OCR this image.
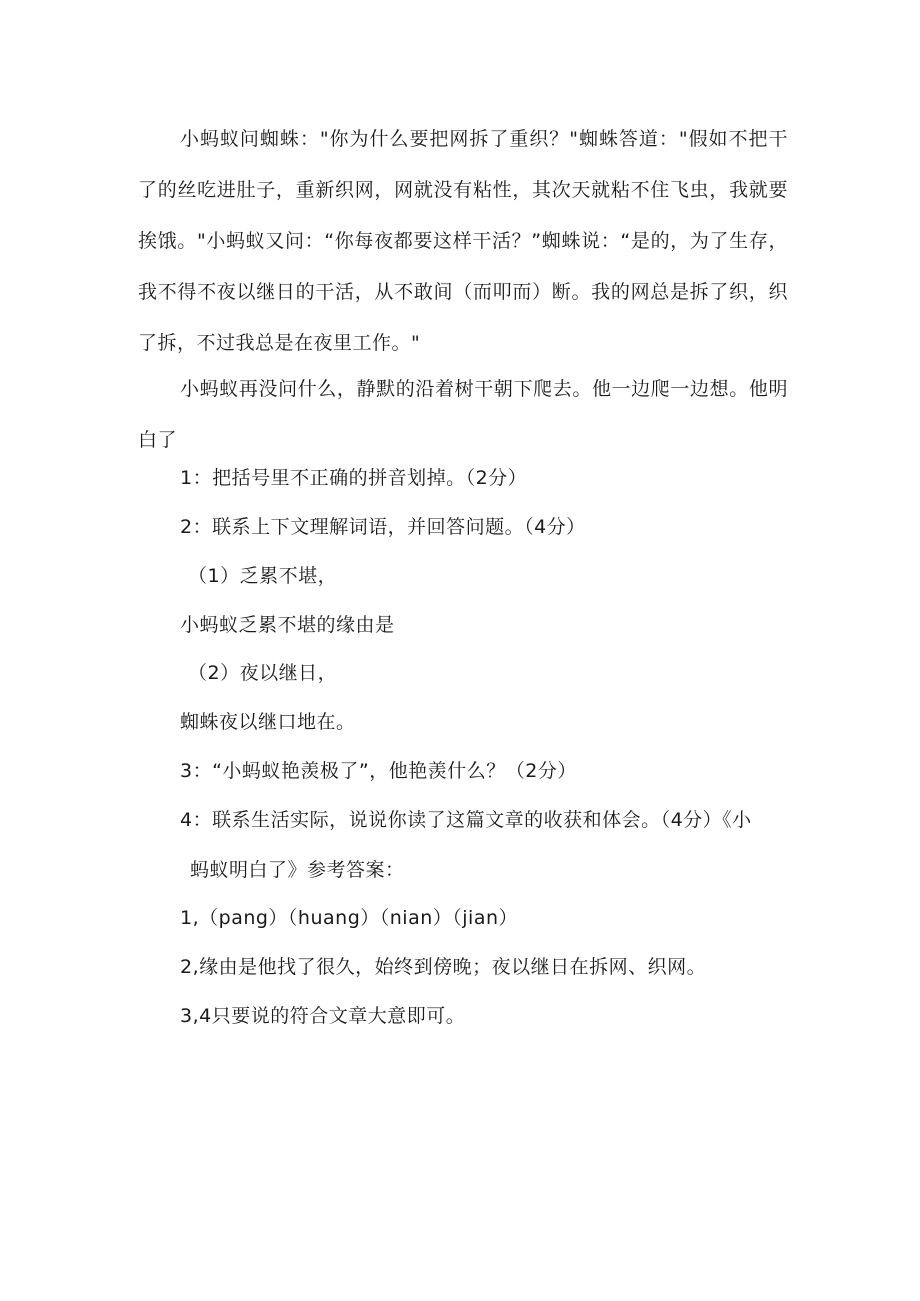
小蚂蚁问蜘蛛："你为什么要把网拆了重织？"蜘蛛答道："假如不把干了的丝吃进肚子，重新织网，网就没有粘性，其次天就粘不住飞虫，我就要挨饿。"小蚂蚁又问：“你每夜都要这样干活？”蜘蛛说：“是的，为了生存，我不得不夜以继日的干活，从不敢间（而叩而）断。我的网总是拆了织，织了拆，不过我总是在夜里工作。"

小蚂蚁再没问什么，静默的沿着树干朝下爬去。他一边爬一边想。他明白了

1：把括号里不正确的拼音划掉。（2分）
2：联系上下文理解词语，并回答问题。（4分）
（1）乏累不堪，
小蚂蚁乏累不堪的缘由是
（2）夜以继日，
蜘蛛夜以继口地在。
3：“小蚂蚁艳羡极了”，他艳羡什么？（2分）
4：联系生活实际，说说你读了这篇文章的收获和体会。（4分）《小
蚂蚁明白了》参考答案：
1,（pang）（huang）（nian）（jian）
2,缘由是他找了很久，始终到傍晚；夜以继日在拆网、织网。
3,4只要说的符合文章大意即可。
